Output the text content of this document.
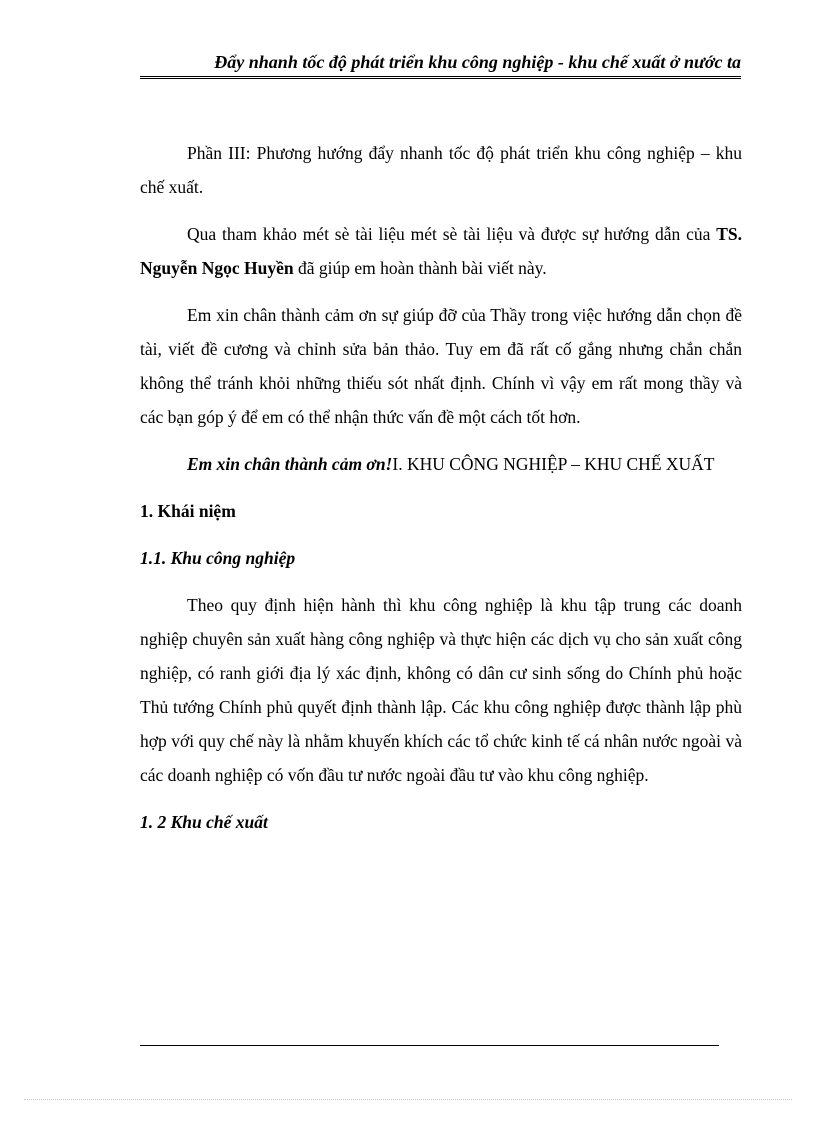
Đẩy nhanh tốc độ phát triển khu công nghiệp - khu chế xuất ở nước ta

Phần III: Phương hướng đẩy nhanh tốc độ phát triển khu công nghiệp – khu chế xuất.

Qua tham khảo mét sè tài liệu mét sè tài liệu và được sự hướng dẫn của TS. Nguyễn Ngọc Huyền đã giúp em hoàn thành bài viết này.

Em xin chân thành cảm ơn sự giúp đỡ của Thầy trong việc hướng dẫn chọn đề tài, viết đề cương và chỉnh sửa bản thảo. Tuy em đã rất cố gắng nhưng chắn chắn không thể tránh khỏi những thiếu sót nhất định. Chính vì vậy em rất mong thầy và các bạn góp ý để em có thể nhận thức vấn đề một cách tốt hơn.

Em xin chân thành cảm ơn!I. KHU CÔNG NGHIỆP – KHU CHẾ XUẤT

1. Khái niệm
1.1. Khu công nghiệp

Theo quy định hiện hành thì khu công nghiệp là khu tập trung các doanh nghiệp chuyên sản xuất hàng công nghiệp và thực hiện các dịch vụ cho sản xuất công nghiệp, có ranh giới địa lý xác định, không có dân cư sinh sống do Chính phủ hoặc Thủ tướng Chính phủ quyết định thành lập. Các khu công nghiệp được thành lập phù hợp với quy chế này là nhằm khuyến khích các tổ chức kinh tế cá nhân nước ngoài và các doanh nghiệp có vốn đầu tư nước ngoài đầu tư vào khu công nghiệp.

1. 2 Khu chế xuất
